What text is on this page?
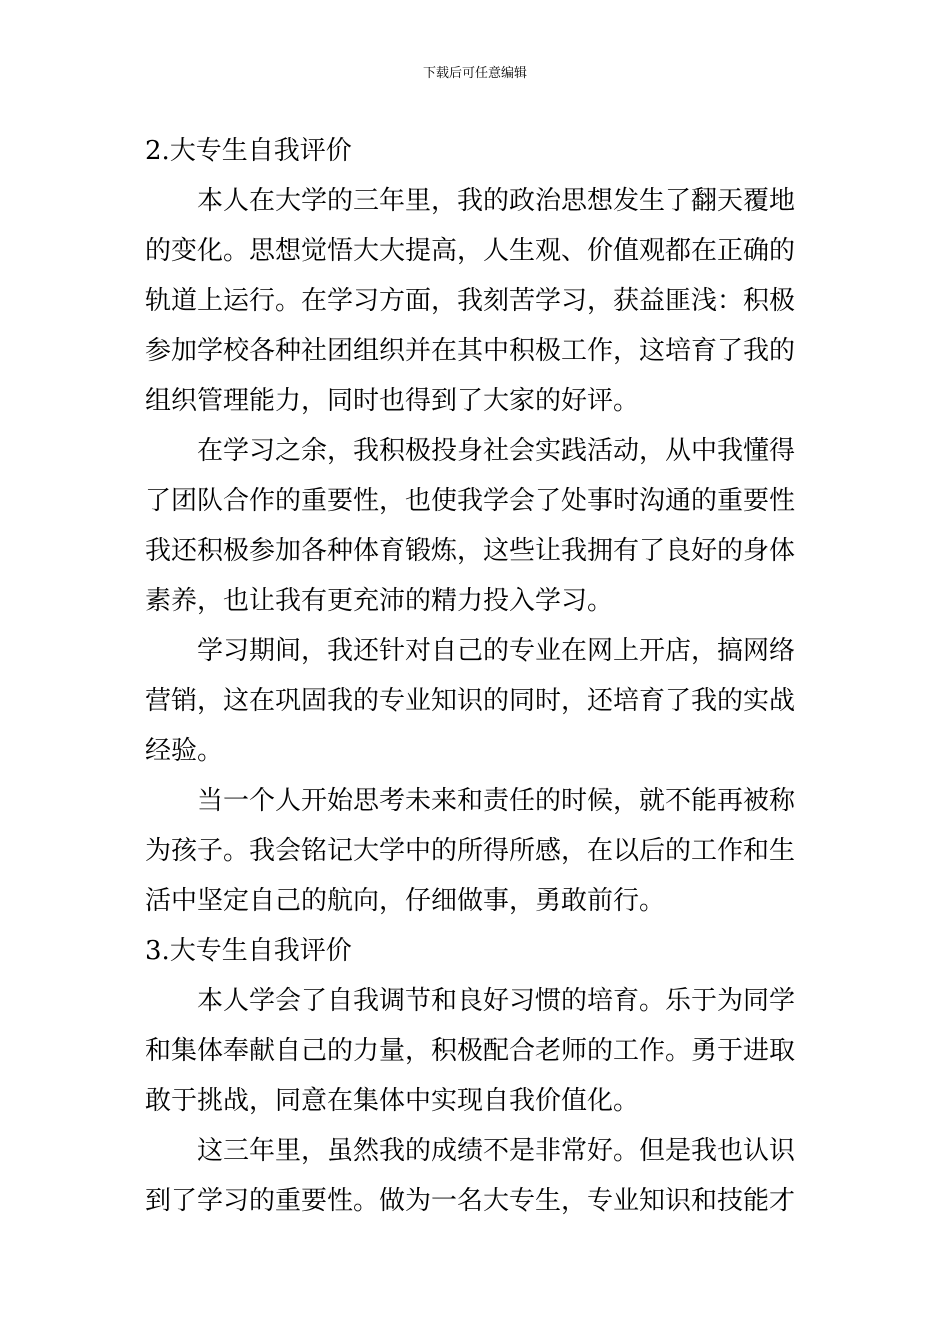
下载后可任意编辑
2.大专生自我评价
本人在大学的三年里，我的政治思想发生了翻天覆地
的变化。思想觉悟大大提高，人生观、价值观都在正确的
轨道上运行。在学习方面，我刻苦学习，获益匪浅：积极
参加学校各种社团组织并在其中积极工作，这培育了我的
组织管理能力，同时也得到了大家的好评。
在学习之余，我积极投身社会实践活动，从中我懂得
了团队合作的重要性，也使我学会了处事时沟通的重要性
我还积极参加各种体育锻炼，这些让我拥有了良好的身体
素养，也让我有更充沛的精力投入学习。
学习期间，我还针对自己的专业在网上开店，搞网络
营销，这在巩固我的专业知识的同时，还培育了我的实战
经验。
当一个人开始思考未来和责任的时候，就不能再被称
为孩子。我会铭记大学中的所得所感，在以后的工作和生
活中坚定自己的航向，仔细做事，勇敢前行。
3.大专生自我评价
本人学会了自我调节和良好习惯的培育。乐于为同学
和集体奉献自己的力量，积极配合老师的工作。勇于进取
敢于挑战，同意在集体中实现自我价值化。
这三年里，虽然我的成绩不是非常好。但是我也认识
到了学习的重要性。做为一名大专生，专业知识和技能才
